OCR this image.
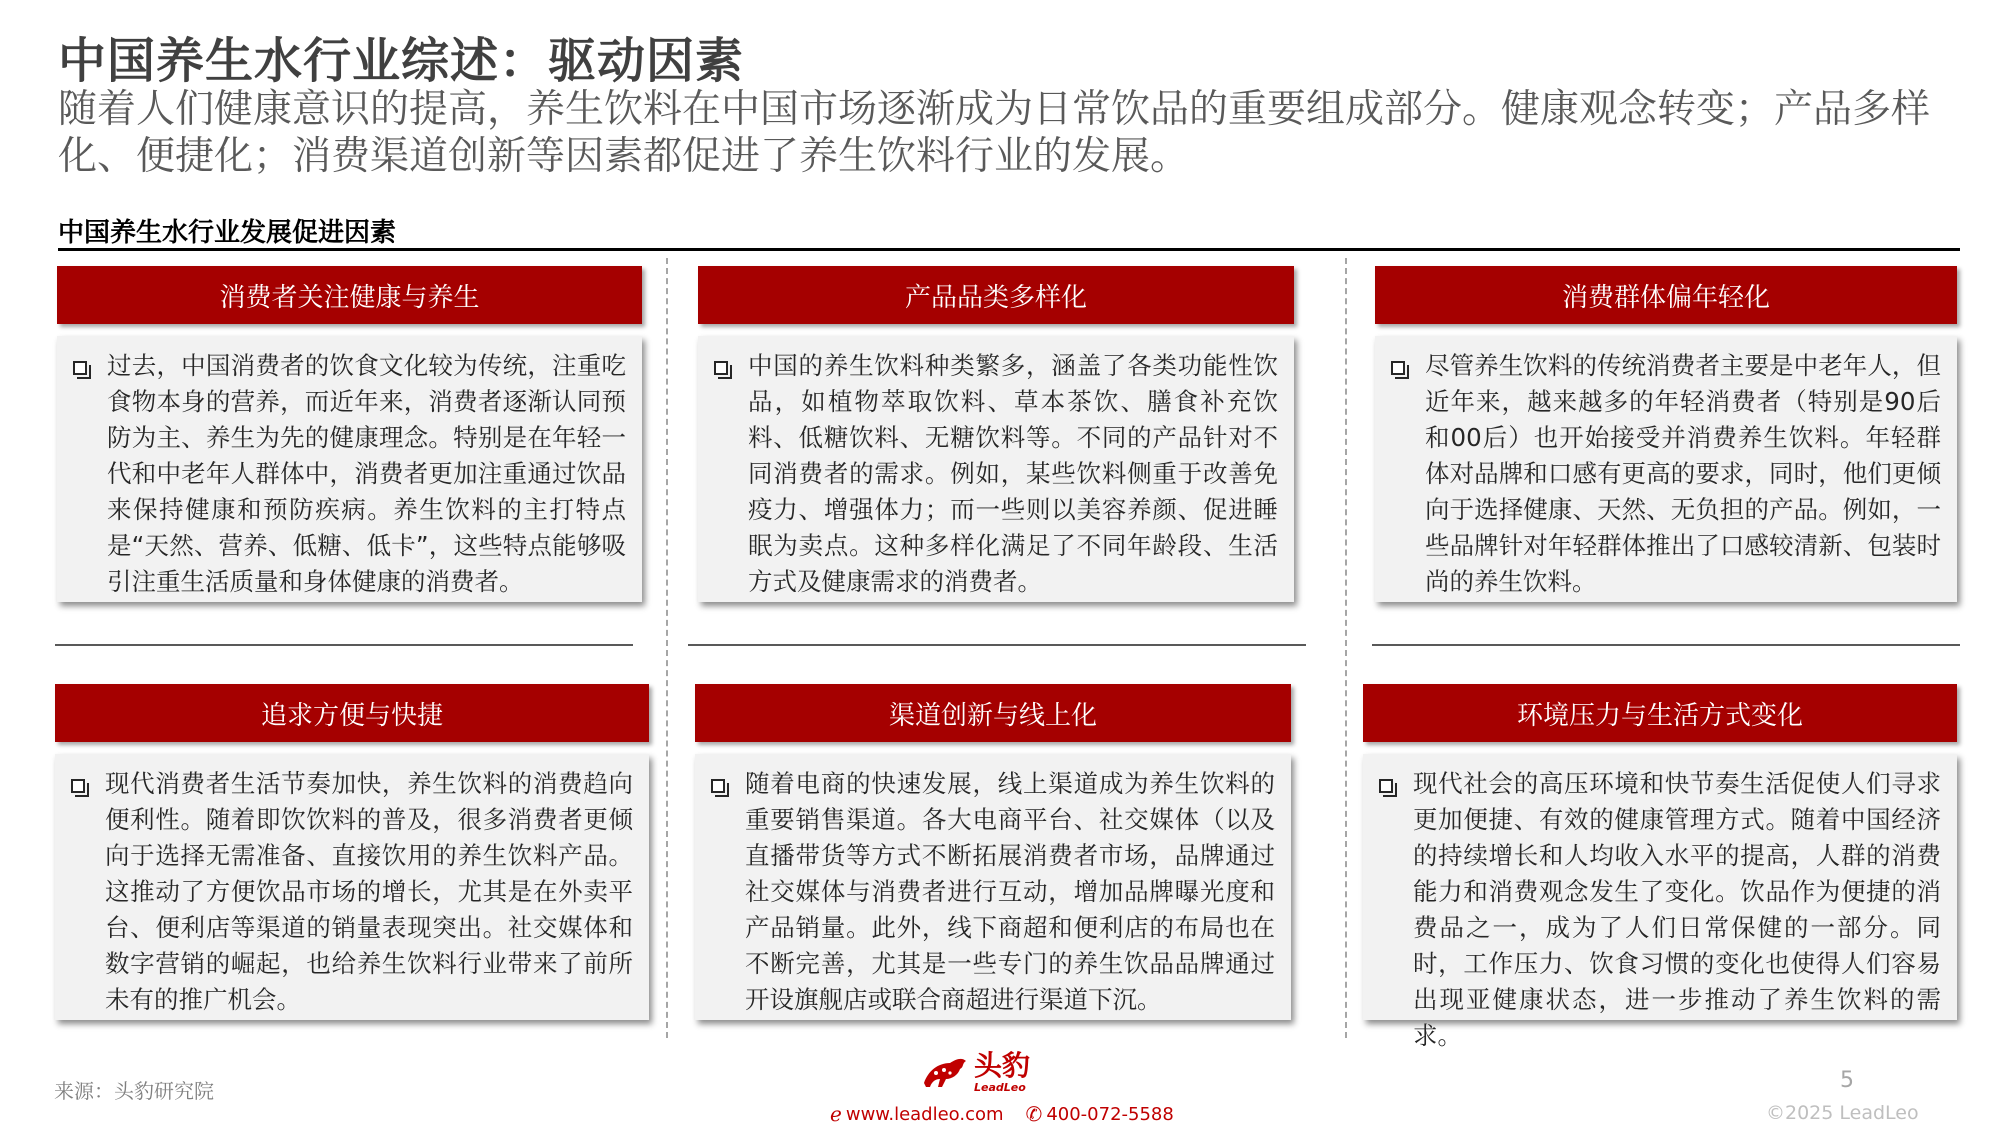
中国养生水行业综述：驱动因素

随着人们健康意识的提高，养生饮料在中国市场逐渐成为日常饮品的重要组成部分。健康观念转变；产品多样化、便捷化；消费渠道创新等因素都促进了养生饮料行业的发展。

中国养生水行业发展促进因素
消费者关注健康与养生
过去，中国消费者的饮食文化较为传统，注重吃食物本身的营养，而近年来，消费者逐渐认同预防为主、养生为先的健康理念。特别是在年轻一代和中老年人群体中，消费者更加注重通过饮品来保持健康和预防疾病。养生饮料的主打特点是“天然、营养、低糖、低卡”，这些特点能够吸引注重生活质量和身体健康的消费者。
产品品类多样化
中国的养生饮料种类繁多，涵盖了各类功能性饮品，如植物萃取饮料、草本茶饮、膳食补充饮料、低糖饮料、无糖饮料等。不同的产品针对不同消费者的需求。例如，某些饮料侧重于改善免疫力、增强体力；而一些则以美容养颜、促进睡眠为卖点。这种多样化满足了不同年龄段、生活方式及健康需求的消费者。
消费群体偏年轻化
尽管养生饮料的传统消费者主要是中老年人，但近年来，越来越多的年轻消费者（特别是90后和00后）也开始接受并消费养生饮料。年轻群体对品牌和口感有更高的要求，同时，他们更倾向于选择健康、天然、无负担的产品。例如，一些品牌针对年轻群体推出了口感较清新、包装时尚的养生饮料。
追求方便与快捷
现代消费者生活节奏加快，养生饮料的消费趋向便利性。随着即饮饮料的普及，很多消费者更倾向于选择无需准备、直接饮用的养生饮料产品。这推动了方便饮品市场的增长，尤其是在外卖平台、便利店等渠道的销量表现突出。社交媒体和数字营销的崛起，也给养生饮料行业带来了前所未有的推广机会。
渠道创新与线上化
随着电商的快速发展，线上渠道成为养生饮料的重要销售渠道。各大电商平台、社交媒体（以及直播带货等方式不断拓展消费者市场，品牌通过社交媒体与消费者进行互动，增加品牌曝光度和产品销量。此外，线下商超和便利店的布局也在不断完善，尤其是一些专门的养生饮品品牌通过开设旗舰店或联合商超进行渠道下沉。
环境压力与生活方式变化
现代社会的高压环境和快节奏生活促使人们寻求更加便捷、有效的健康管理方式。随着中国经济的持续增长和人均收入水平的提高，人群的消费能力和消费观念发生了变化。饮品作为便捷的消费品之一，成为了人们日常保健的一部分。同时，工作压力、饮食习惯的变化也使得人们容易出现亚健康状态，进一步推动了养生饮料的需求。
来源：头豹研究院
头豹
LeadLeo
ℯ www.leadleo.com ✆ 400-072-5588
5
©2025 LeadLeo
